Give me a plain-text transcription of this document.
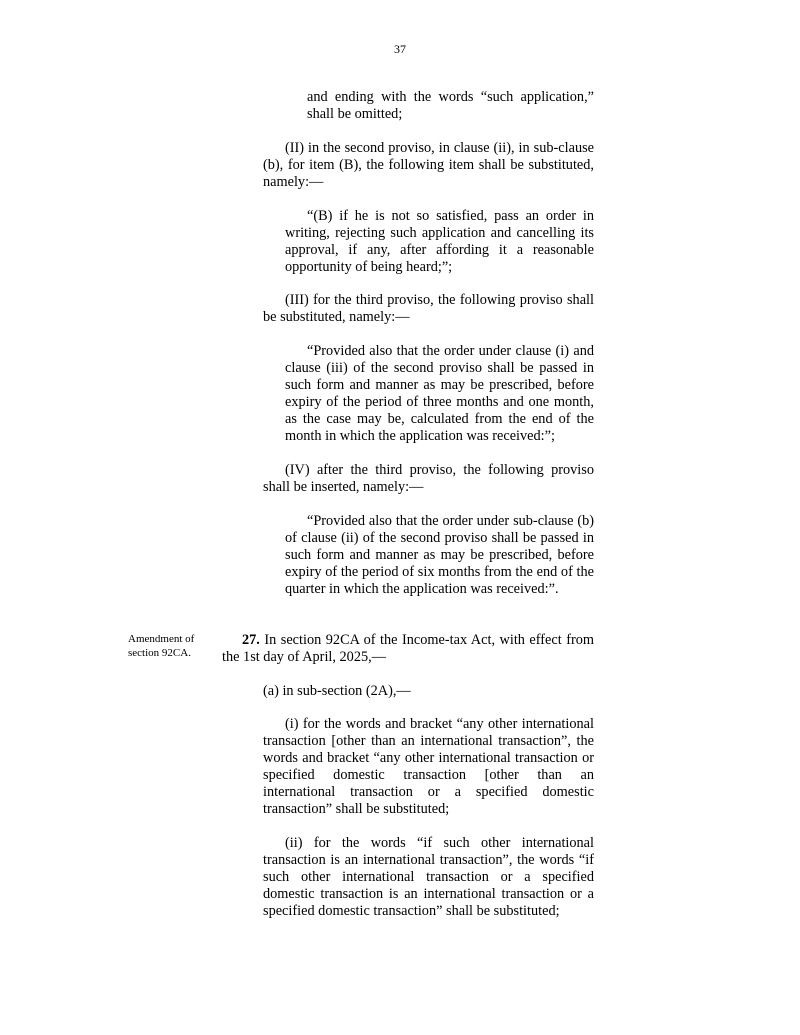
37

and ending with the words “such application,” shall be omitted;

(II) in the second proviso, in clause (ii), in sub-clause (b), for item (B), the following item shall be substituted, namely:—

“(B) if he is not so satisfied, pass an order in writing, rejecting such application and cancelling its approval, if any, after affording it a reasonable opportunity of being heard;”;

(III) for the third proviso, the following proviso shall be substituted, namely:—

“Provided also that the order under clause (i) and clause (iii) of the second proviso shall be passed in such form and manner as may be prescribed, before expiry of the period of three months and one month, as the case may be, calculated from the end of the month in which the application was received:”;

(IV) after the third proviso, the following proviso shall be inserted, namely:—

“Provided also that the order under sub-clause (b) of clause (ii) of the second proviso shall be passed in such form and manner as may be prescribed, before expiry of the period of six months from the end of the quarter in which the application was received:”.

Amendment of
section 92CA.

27. In section 92CA of the Income-tax Act, with effect from the 1st day of April, 2025,—

(a) in sub-section (2A),—

(i) for the words and bracket “any other international transaction [other than an international transaction”, the words and bracket “any other international transaction or specified domestic transaction [other than an international transaction or a specified domestic transaction” shall be substituted;

(ii) for the words “if such other international transaction is an international transaction”, the words “if such other international transaction or a specified domestic transaction is an international transaction or a specified domestic transaction” shall be substituted;
